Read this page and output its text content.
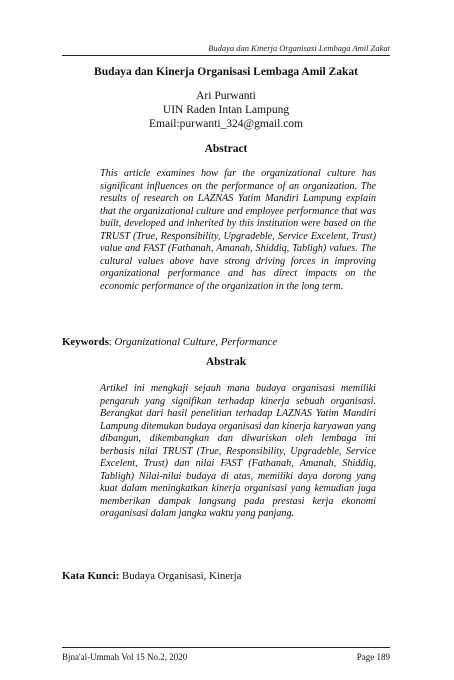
Budaya dan Kinerja Organisasi Lembaga Amil Zakat
Budaya dan Kinerja Organisasi Lembaga Amil Zakat
Ari Purwanti
UIN Raden Intan Lampung
Email:purwanti_324@gmail.com
Abstract

This article examines how far the organizational culture has significant influences on the performance of an organization. The results of research on LAZNAS Yatim Mandiri Lampung explain that the organizational culture and employee performance that was built, developed and inherited by this institution were based on the TRUST (True, Responsibility, Upgradeble, Service Excelent, Trust) value and FAST (Fathanah, Amanah, Shiddiq, Tabligh) values. The cultural values above have strong driving forces in improving organizational performance and has direct impacts on the economic performance of the organization in the long term.

Keywords: Organizational Culture, Performance
Abstrak

Artikel ini mengkaji sejauh mana budaya organisasi memiliki pengaruh yang signifikan terhadap kinerja sebuah organisasi. Berangkat dari hasil penelitian terhadap LAZNAS Yatim Mandiri Lampung ditemukan budaya organisasi dan kinerja karyawan yang dibangun, dikembangkan dan diwariskan oleh lembaga ini berbasis nilai TRUST (True, Responsibility, Upgradeble, Service Excelent, Trust) dan nilai FAST (Fathanah, Amanah, Shiddiq, Tabligh) Nilai-nilai budaya di atas, memiliki daya dorong yang kuat dalam meningkatkan kinerja organisasi yang kemudian juga memberikan dampak langsung pada prestasi kerja ekonomi oraganisasi dalam jangka waktu yang panjang.

Kata Kunci: Budaya Organisasi, Kinerja
Bjna'al-Ummah Vol 15 No.2, 2020	Page 189
